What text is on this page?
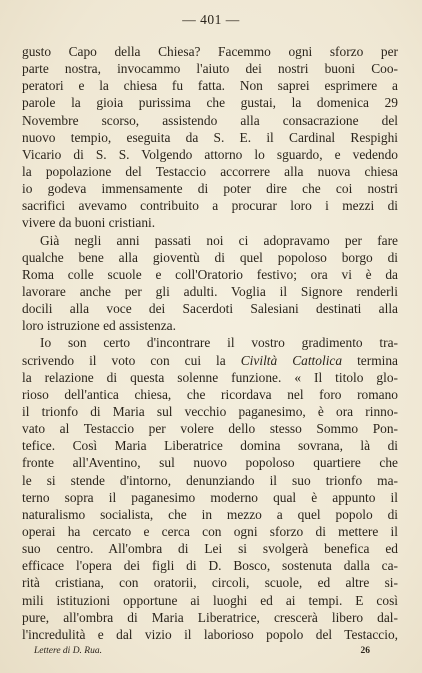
— 401 —
gusto Capo della Chiesa? Facemmo ogni sforzo per
parte nostra, invocammo l'aiuto dei nostri buoni Coo-
peratori e la chiesa fu fatta. Non saprei esprimere a
parole la gioia purissima che gustai, la domenica 29
Novembre scorso, assistendo alla consacrazione del
nuovo tempio, eseguita da S. E. il Cardinal Respighi
Vicario di S. S. Volgendo attorno lo sguardo, e vedendo
la popolazione del Testaccio accorrere alla nuova chiesa
io godeva immensamente di poter dire che coi nostri
sacrifici avevamo contribuito a procurar loro i mezzi di
vivere da buoni cristiani.
Già negli anni passati noi ci adopravamo per fare
qualche bene alla gioventù di quel popoloso borgo di
Roma colle scuole e coll'Oratorio festivo; ora vi è da
lavorare anche per gli adulti. Voglia il Signore renderli
docili alla voce dei Sacerdoti Salesiani destinati alla
loro istruzione ed assistenza.
Io son certo d'incontrare il vostro gradimento tra-
scrivendo il voto con cui la Civiltà Cattolica termina
la relazione di questa solenne funzione. « Il titolo glo-
rioso dell'antica chiesa, che ricordava nel foro romano
il trionfo di Maria sul vecchio paganesimo, è ora rinno-
vato al Testaccio per volere dello stesso Sommo Pon-
tefice. Così Maria Liberatrice domina sovrana, là di
fronte all'Aventino, sul nuovo popoloso quartiere che
le si stende d'intorno, denunziando il suo trionfo ma-
terno sopra il paganesimo moderno qual è appunto il
naturalismo socialista, che in mezzo a quel popolo di
operai ha cercato e cerca con ogni sforzo di mettere il
suo centro. All'ombra di Lei si svolgerà benefica ed
efficace l'opera dei figli di D. Bosco, sostenuta dalla ca-
rità cristiana, con oratorii, circoli, scuole, ed altre si-
mili istituzioni opportune ai luoghi ed ai tempi. E così
pure, all'ombra di Maria Liberatrice, crescerà libero dal-
l'incredulità e dal vizio il laborioso popolo del Testaccio,
Lettere di D. Rua.	26
